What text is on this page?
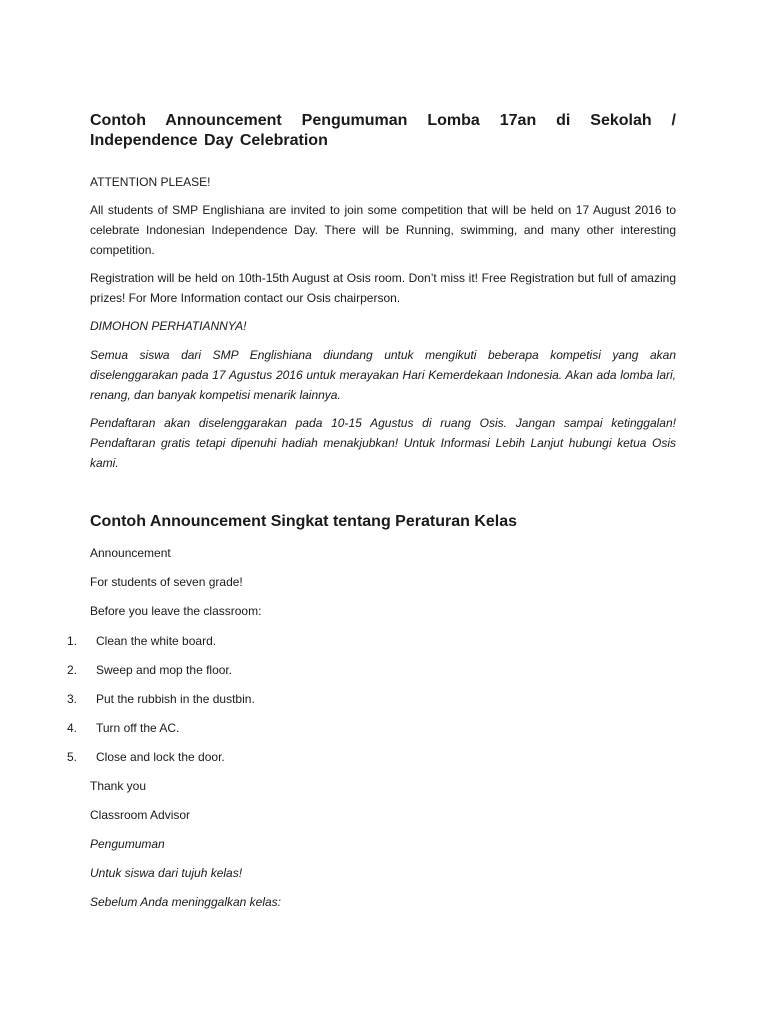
Contoh Announcement Pengumuman Lomba 17an di Sekolah / Independence Day Celebration

ATTENTION PLEASE!

All students of SMP Englishiana are invited to join some competition that will be held on 17 August 2016 to celebrate Indonesian Independence Day. There will be Running, swimming, and many other interesting competition.

Registration will be held on 10th-15th August at Osis room. Don’t miss it! Free Registration but full of amazing prizes! For More Information contact our Osis chairperson.

DIMOHON PERHATIANNYA!

Semua siswa dari SMP Englishiana diundang untuk mengikuti beberapa kompetisi yang akan diselenggarakan pada 17 Agustus 2016 untuk merayakan Hari Kemerdekaan Indonesia. Akan ada lomba lari, renang, dan banyak kompetisi menarik lainnya.

Pendaftaran akan diselenggarakan pada 10-15 Agustus di ruang Osis. Jangan sampai ketinggalan! Pendaftaran gratis tetapi dipenuhi hadiah menakjubkan! Untuk Informasi Lebih Lanjut hubungi ketua Osis kami.

Contoh Announcement Singkat tentang Peraturan Kelas

Announcement

For students of seven grade!

Before you leave the classroom:

1. Clean the white board.
2. Sweep and mop the floor.
3. Put the rubbish in the dustbin.
4. Turn off the AC.
5. Close and lock the door.

Thank you

Classroom Advisor

Pengumuman

Untuk siswa dari tujuh kelas!

Sebelum Anda meninggalkan kelas:
